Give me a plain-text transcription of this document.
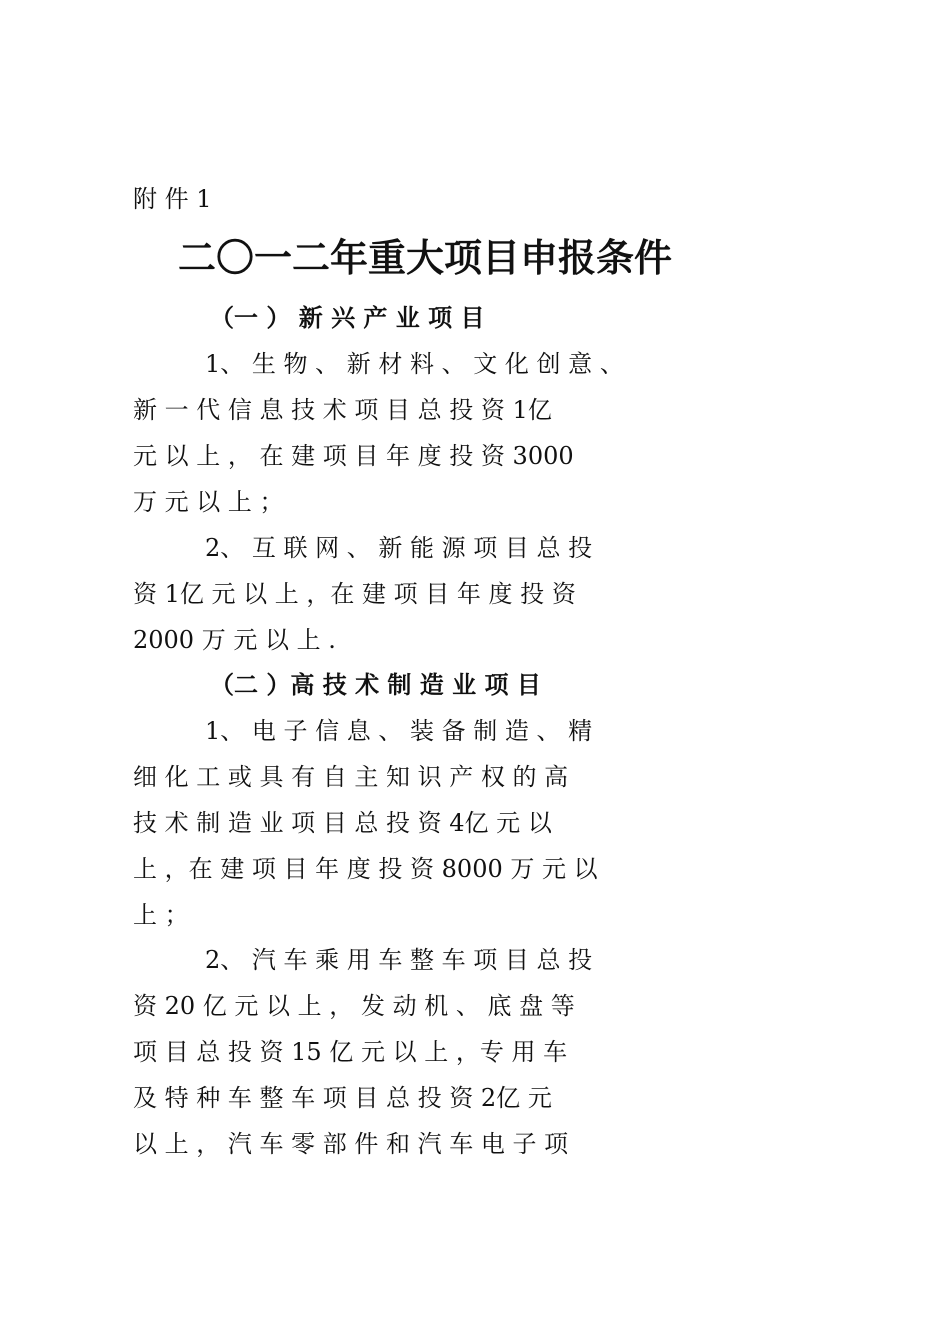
附 件 1
二〇一二年重大项目申报条件
（一 ） 新 兴 产 业 项 目
1、 生 物 、 新 材 料 、 文 化 创 意 、
新 一 代 信 息 技 术 项 目 总 投 资 1亿
元 以 上 ， 在 建 项 目 年 度 投 资 3000
万 元 以 上 ；
2、 互 联 网 、 新 能 源 项 目 总 投
资 1亿 元 以 上 ，在 建 项 目 年 度 投 资
2000 万 元 以 上 .
（二 ）高 技 术 制 造 业 项 目
1、 电 子 信 息 、 装 备 制 造 、 精
细 化 工 或 具 有 自 主 知 识 产 权 的 高
技 术 制 造 业 项 目 总 投 资 4亿 元 以
上 ，在 建 项 目 年 度 投 资 8000 万 元 以
上 ；
2、 汽 车 乘 用 车 整 车 项 目 总 投
资 20 亿 元 以 上 ， 发 动 机 、 底 盘 等
项 目 总 投 资 15 亿 元 以 上 ，专 用 车
及 特 种 车 整 车 项 目 总 投 资 2亿 元
以 上 ， 汽 车 零 部 件 和 汽 车 电 子 项
